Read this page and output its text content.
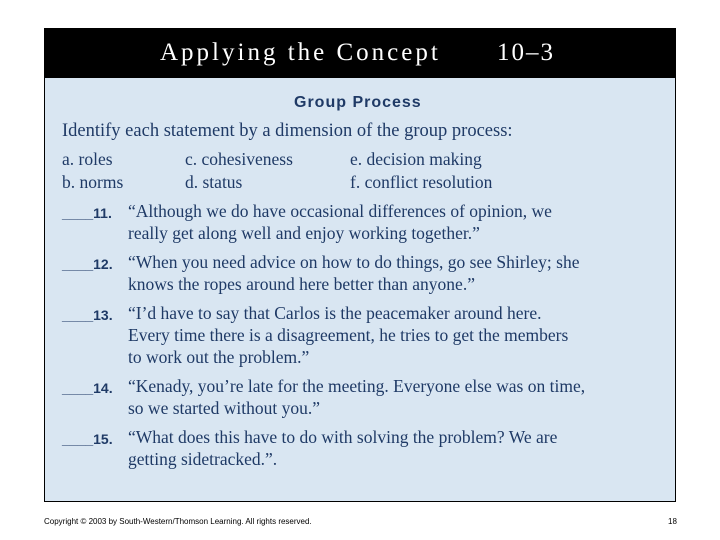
Applying the Concept 10–3
Group Process
Identify each statement by a dimension of the group process:
a. roles	c. cohesiveness	e. decision making
b. norms	d. status	f. conflict resolution
____11. “Although we do have occasional differences of opinion, we
really get along well and enjoy working together.”
____12. “When you need advice on how to do things, go see Shirley; she
knows the ropes around here better than anyone.”
____13. “I’d have to say that Carlos is the peacemaker around here.
Every time there is a disagreement, he tries to get the members
to work out the problem.”
____14. “Kenady, you’re late for the meeting. Everyone else was on time,
so we started without you.”
____15. “What does this have to do with solving the problem? We are
getting sidetracked.”.
Copyright © 2003 by South-Western/Thomson Learning. All rights reserved.	18
